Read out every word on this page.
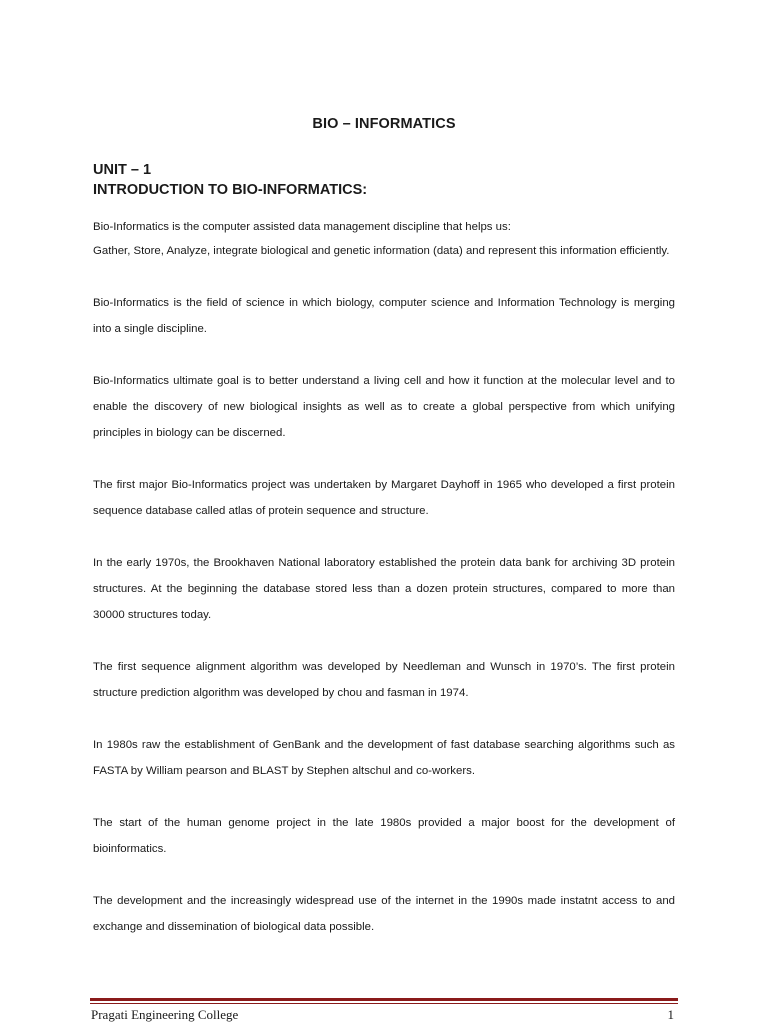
BIO – INFORMATICS
UNIT – 1
INTRODUCTION TO BIO-INFORMATICS:

Bio-Informatics is the computer assisted data management discipline that helps us:

Gather, Store, Analyze, integrate biological and genetic information (data) and represent this information efficiently.

Bio-Informatics is the field of science in which biology, computer science and Information Technology is merging into a single discipline.

Bio-Informatics ultimate goal is to better understand a living cell and how it function at the molecular level and to enable the discovery of new biological insights as well as to create a global perspective from which unifying principles in biology can be discerned.

The first major Bio-Informatics project was undertaken by Margaret Dayhoff in 1965 who developed a first protein sequence database called atlas of protein sequence and structure.

In the early 1970s, the Brookhaven National laboratory established the protein data bank for archiving 3D protein structures. At the beginning the database stored less than a dozen protein structures, compared to more than 30000 structures today.

The first sequence alignment algorithm was developed by Needleman and Wunsch in 1970’s. The first protein structure prediction algorithm was developed by chou and fasman in 1974.

In 1980s raw the establishment of GenBank and the development of fast database searching algorithms such as FASTA by William pearson and BLAST by Stephen altschul and co-workers.

The start of the human genome project in the late 1980s provided a major boost for the development of bioinformatics.

The development and the increasingly widespread use of the internet in the 1990s made instatnt access to and exchange and dissemination of biological data possible.

Pragati Engineering College	1
